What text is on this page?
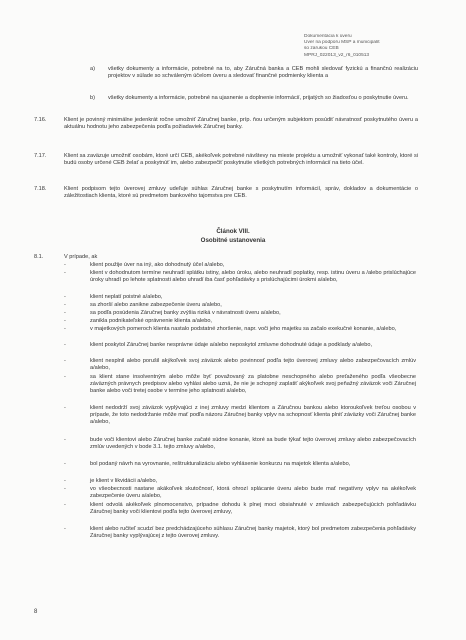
Dokumentácia k úveru
Úver na podporu MSP a municipalít
so zárukou CEB
MPRJ_022013_v2_r6_010513
a) všetky dokumenty a informácie, potrebné na to, aby Záručná banka a CEB mohli sledovať fyzickú a finančnú realizáciu projektov v súlade so schváleným účelom úveru a sledovať finančné podmienky klienta a
b) všetky dokumenty a informácie, potrebné na ujasnenie a doplnenie informácií, prijatých so žiadosťou o poskytnutie úveru.
7.16.	Klient je povinný minimálne jedenkrát ročne umožniť Záručnej banke, príp. ňou určeným subjektom posúdiť návratnosť poskytnutého úveru a aktuálnu hodnotu jeho zabezpečenia podľa požiadaviek Záručnej banky.
7.17.	Klient sa zaväzuje umožniť osobám, ktoré určí CEB, akékoľvek potrebné návštevy na mieste projektu a umožniť vykonať také kontroly, ktoré si budú osoby určené CEB želať a poskytnúť im, alebo zabezpečiť poskytnutie všetkých potrebných informácií na tieto účel.
7.18.	Klient podpisom tejto úverovej zmluvy udeľuje súhlas Záručnej banke s poskytnutím informácií, správ, dokladov a dokumentácie o záležitostiach klienta, ktoré sú predmetom bankového tajomstva pre CEB.
Článok VIII.
Osobitné ustanovenia
8.1.	V prípade, ak
-	klient použije úver na iný, ako dohodnutý účel a/alebo,
-	klient v dohodnutom termíne neuhradí splátku istiny, alebo úroku, alebo neuhradí poplatky, resp. istinu úveru a /alebo prislúchajúce úroky uhradí po lehote splatnosti alebo uhradí iba časť pohľadávky s prislúchajúcimi úrokmi a/alebo,
-	klient neplatí poistné a/alebo,
-	sa zhorší alebo zanikne zabezpečenie úveru a/alebo,
-	sa podľa posúdenia Záručnej banky zvýšia riziká v návratnosti úveru a/alebo,
-	zanikla podnikateľské oprávnenie klienta a/alebo,
-	v majetkových pomeroch klienta nastalo podstatné zhoršenie, napr. voči jeho majetku sa začalo exekučné konanie, a/alebo,
-	klient poskytol Záručnej banke nesprávne údaje a/alebo neposkytol zmluvne dohodnuté údaje a podklady a/alebo,
-	klient nesplnil alebo porušil akýkoľvek svoj záväzok alebo povinnosť podľa tejto úverovej zmluvy alebo zabezpečovacích zmlúv a/alebo,
-	sa klient stane insolventným alebo môže byť považovaný za platobne neschopného alebo preťaženého podľa všeobecne záväzných právnych predpisov alebo vyhlási alebo uzná, že nie je schopný zaplatiť akýkoľvek svoj peňažný záväzok voči Záručnej banke alebo voči tretej osobe v termíne jeho splatnosti a/alebo,
-	klient nedodrží svoj záväzok vyplývajúci z inej zmluvy medzi klientom a Záručnou bankou alebo ktoroukoľvek treťou osobou v prípade, že toto nedodržanie môže mať podľa názoru Záručnej banky vplyv na schopnosť klienta plniť záväzky voči Záručnej banke a/alebo,
-	bude voči klientovi alebo Záručnej banke začaté súdne konanie, ktoré sa bude týkať tejto úverovej zmluvy alebo zabezpečovacích zmlúv uvedených v bode 3.1. tejto zmluvy a/alebo,
-	bol podaný návrh na vyrovnanie, reštrukturalizáciu alebo vyhlásenie konkurzu na majetok klienta a/alebo,
-	je klient v likvidácii a/alebo,
-	vo všeobecnosti nastane akákoľvek skutočnosť, ktorá ohrozí splácanie úveru alebo bude mať negatívny vplyv na akékoľvek zabezpečenie úveru a/alebo,
-	klient odvolá akékoľvek plnomocenstvo, prípadne dohodu k plnej moci obsiahnuté v zmluvách zabezpečujúcich pohľadávku Záručnej banky voči klientovi podľa tejto úverovej zmluvy,
-	klient alebo ručiteľ scudzí bez predchádzajúceho súhlasu Záručnej banky majetok, ktorý bol predmetom zabezpečenia pohľadávky Záručnej banky vyplývajúcej z tejto úverovej zmluvy.
8
